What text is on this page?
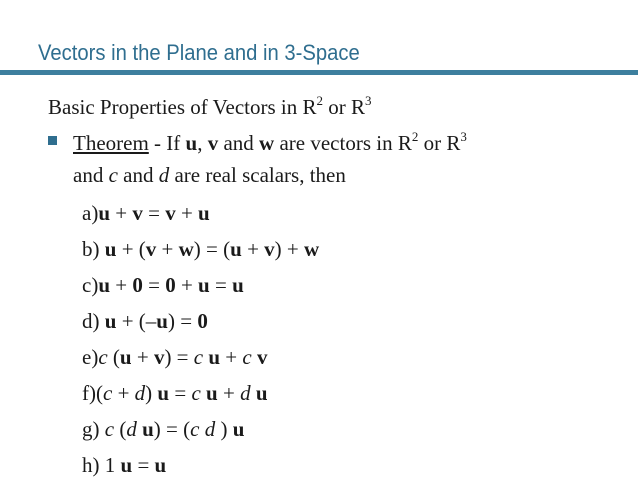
Vectors in the Plane and in 3-Space
Basic Properties of Vectors in $R^2$ or $R^3$
Theorem - If u, v and w are vectors in $R^2$ or $R^3$
and c and d are real scalars, then
a)u + v = v + u
b) u + (v + w) = (u + v) + w
c)u + 0 = 0 + u = u
d) u + (–u) = 0
e)c (u + v) = c u + c v
f)(c + d) u = c u + d u
g) c (d u) = (c d ) u
h) 1 u = u
